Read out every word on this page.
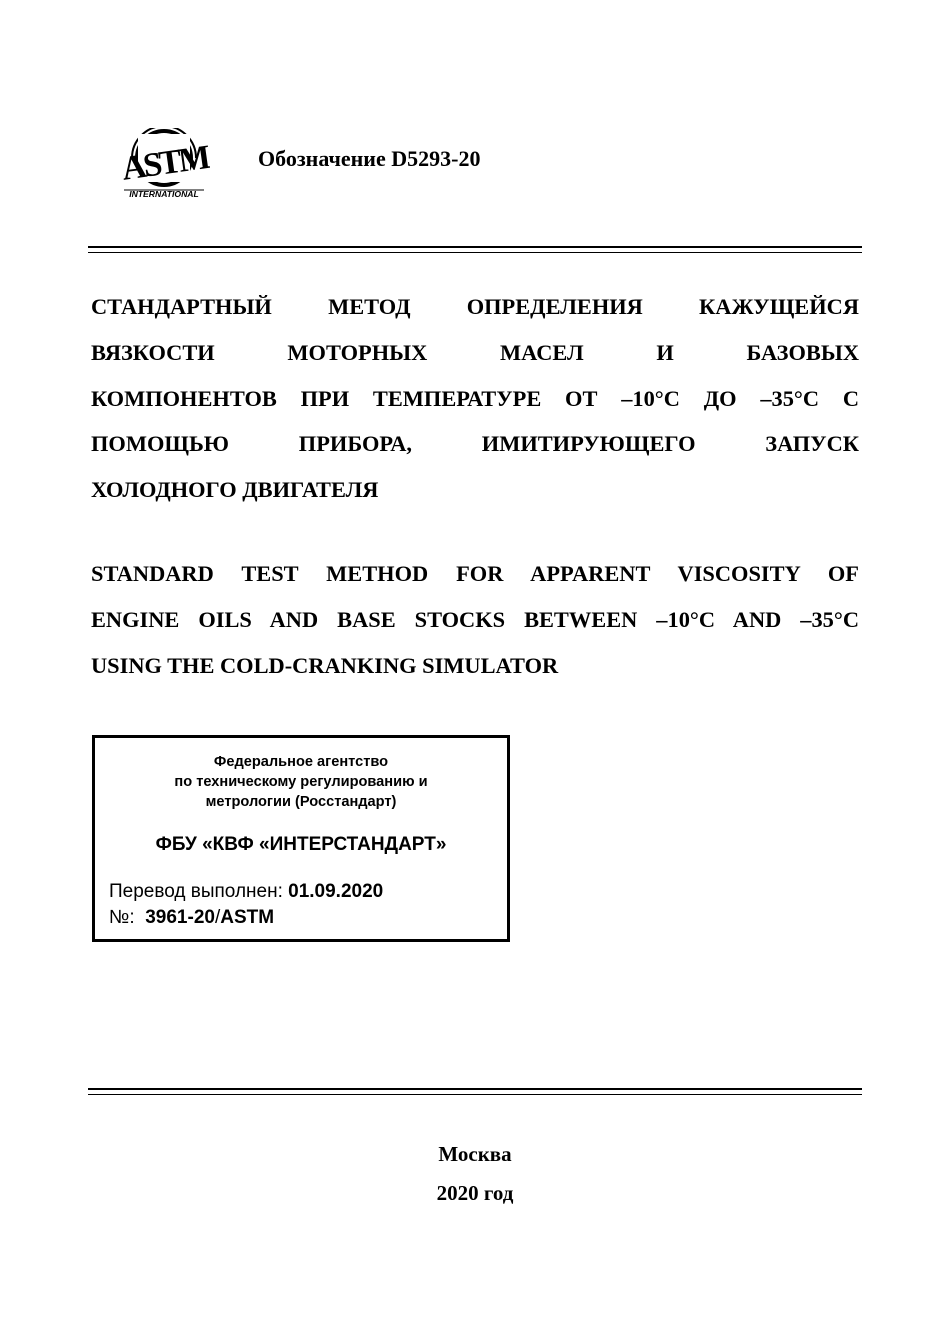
ASTM
INTERNATIONAL
Обозначение D5293-20
СТАНДАРТНЫЙ МЕТОД ОПРЕДЕЛЕНИЯ КАЖУЩЕЙСЯ
ВЯЗКОСТИ МОТОРНЫХ МАСЕЛ И БАЗОВЫХ
КОМПОНЕНТОВ ПРИ ТЕМПЕРАТУРЕ ОТ –10°С ДО –35°С С
ПОМОЩЬЮ ПРИБОРА, ИМИТИРУЮЩЕГО ЗАПУСК
ХОЛОДНОГО ДВИГАТЕЛЯ
STANDARD TEST METHOD FOR APPARENT VISCOSITY OF
ENGINE OILS AND BASE STOCKS BETWEEN –10°C AND –35°C
USING THE COLD-CRANKING SIMULATOR
Федеральное агентство
по техническому регулированию и
метрологии (Росстандарт)
ФБУ «КВФ «ИНТЕРСТАНДАРТ»
Перевод выполнен: 01.09.2020
№: 3961-20/ASTM
Москва
2020 год
